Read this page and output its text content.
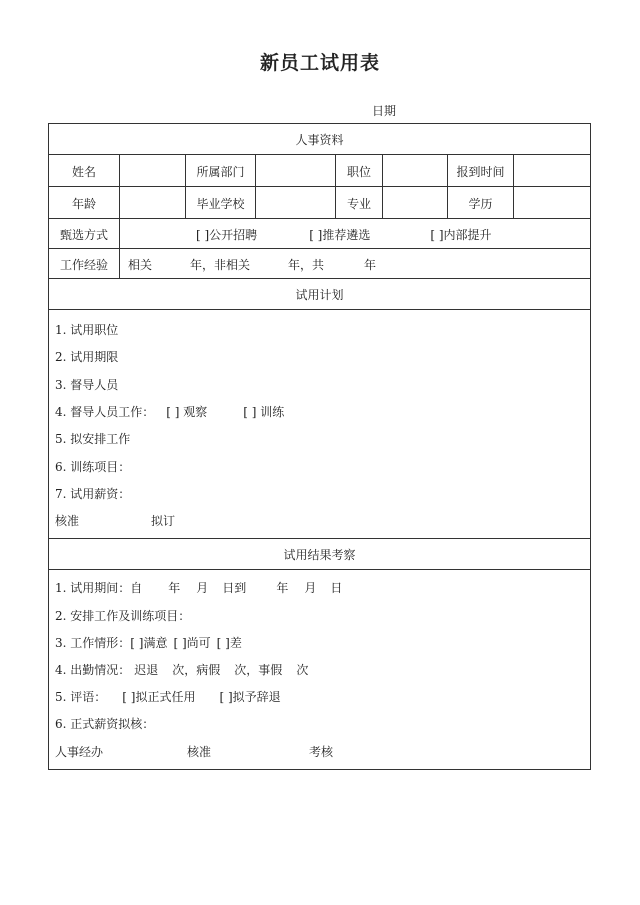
新员工试用表
日期
人事资料
姓名	所属部门	职位	报到时间
年龄	毕业学校	专业	学历
甄选方式	[ ]公开招聘	[ ]推荐遴选	[ ]内部提升
工作经验	相关	年，非相关	年，共	年
试用计划
1. 试用职位
2. 试用期限
3. 督导人员
4. 督导人员工作： [ ] 观察	[ ] 训练
5. 拟安排工作
6. 训练项目：
7. 试用薪资：
核准	拟订
试用结果考察
1. 试用期间：自 年 月 日到	年 月 日
2. 安排工作及训练项目：
3. 工作情形： [ ]满意 [ ]尚可 [ ]差
4. 出勤情况： 迟退 次，病假 次，事假 次
5. 评语： [ ]拟正式任用 [ ]拟予辞退
6. 正式薪资拟核：
人事经办	核准	考核
